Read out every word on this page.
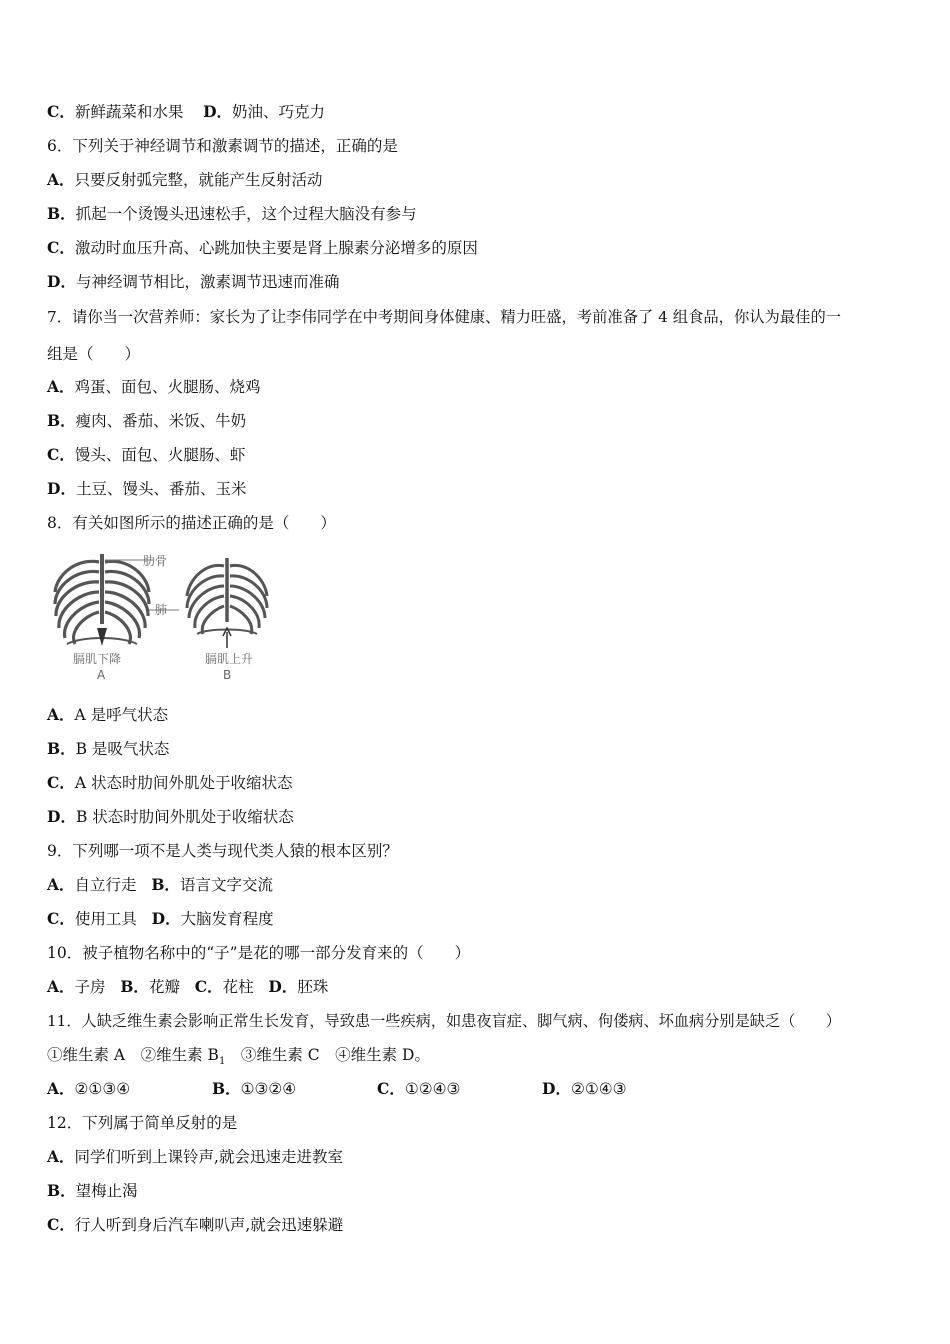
C．新鲜蔬菜和水果 D．奶油、巧克力
6．下列关于神经调节和激素调节的描述，正确的是
A．只要反射弧完整，就能产生反射活动
B．抓起一个烫馒头迅速松手，这个过程大脑没有参与
C．激动时血压升高、心跳加快主要是肾上腺素分泌增多的原因
D．与神经调节相比，激素调节迅速而准确
7．请你当一次营养师：家长为了让李伟同学在中考期间身体健康、精力旺盛，考前准备了 4 组食品，你认为最佳的一
组是（　　）
A．鸡蛋、面包、火腿肠、烧鸡
B．瘦肉、番茄、米饭、牛奶
C．馒头、面包、火腿肠、虾
D．土豆、馒头、番茄、玉米
8．有关如图所示的描述正确的是（　　）
肋骨
肺
膈肌下降
A
膈肌上升
B
A．A 是呼气状态
B．B 是吸气状态
C．A 状态时肋间外肌处于收缩状态
D．B 状态时肋间外肌处于收缩状态
9．下列哪一项不是人类与现代类人猿的根本区别？
A．自立行走 B．语言文字交流
C．使用工具 D．大脑发育程度
10．被子植物名称中的“子”是花的哪一部分发育来的（　　）
A．子房 B．花瓣 C．花柱 D．胚珠
11．人缺乏维生素会影响正常生长发育，导致患一些疾病，如患夜盲症、脚气病、佝偻病、坏血病分别是缺乏（　　）
①维生素 A　②维生素 $B_1$　③维生素 C　④维生素 D。
A．②①③④	B．①③②④	C．①②④③	D．②①④③
12．下列属于简单反射的是
A．同学们听到上课铃声,就会迅速走进教室
B．望梅止渴
C．行人听到身后汽车喇叭声,就会迅速躲避
